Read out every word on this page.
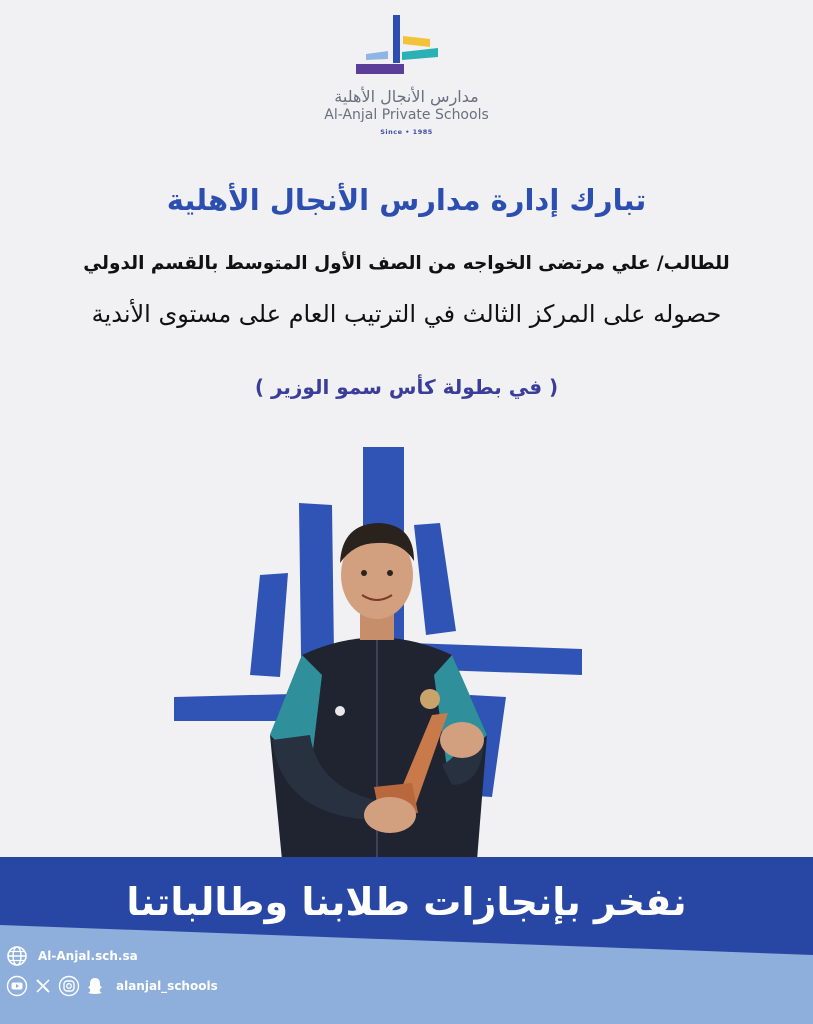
مدارس الأنجال الأهلية
Al-Anjal Private Schools
Since • 1985
تبارك إدارة مدارس الأنجال الأهلية
للطالب/ علي مرتضى الخواجه من الصف الأول المتوسط بالقسم الدولي
حصوله على المركز الثالث في الترتيب العام على مستوى الأندية
( في بطولة كأس سمو الوزير )
نفخر بإنجازات طلابنا وطالباتنا
Al-Anjal.sch.sa
alanjal_schools
